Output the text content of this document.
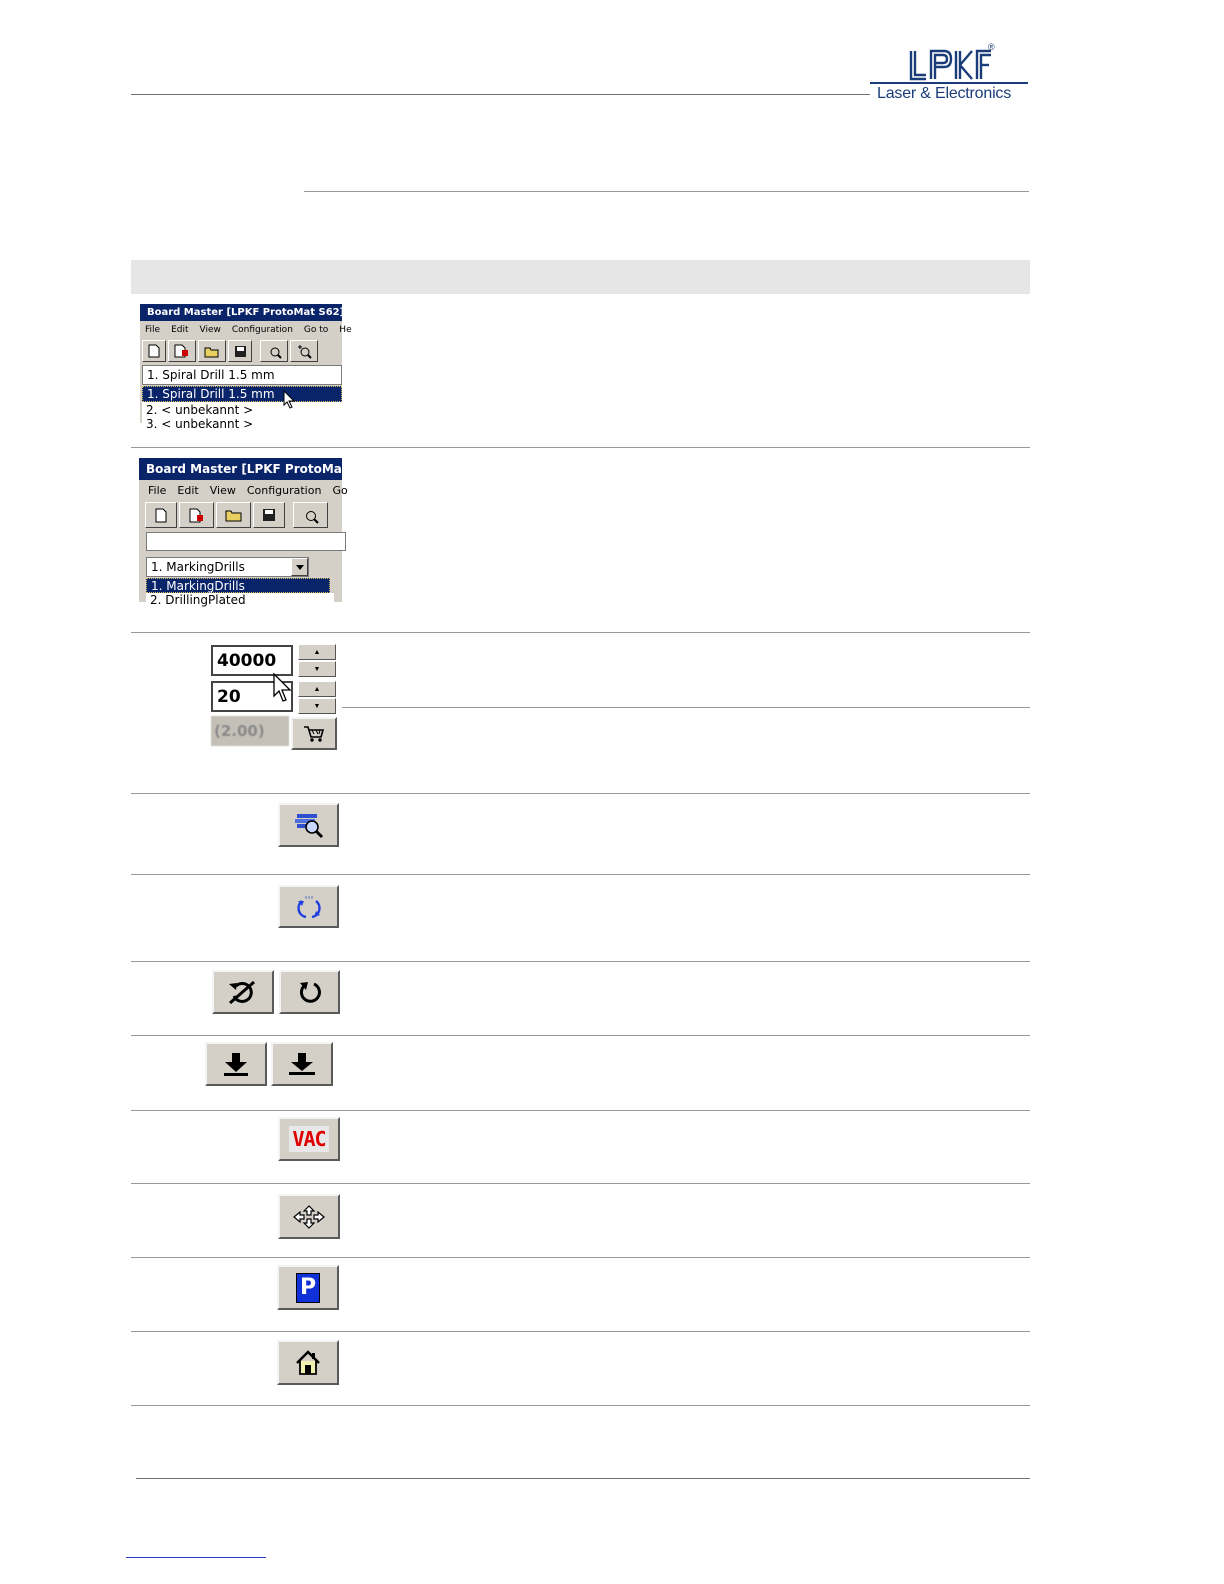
®
Laser & Electronics
Board Master [LPKF ProtoMat S62]
File Edit View Configuration Go to He
1. Spiral Drill 1.5 mm
1. Spiral Drill 1.5 mm
2. < unbekannt >
3. < unbekannt >
Board Master [LPKF ProtoMat
File Edit View Configuration Go
1. MarkingDrills
1. MarkingDrills
2. DrillingPlated
40000	▲
▼
20	▲
▼
(2.00)
VAC
P
